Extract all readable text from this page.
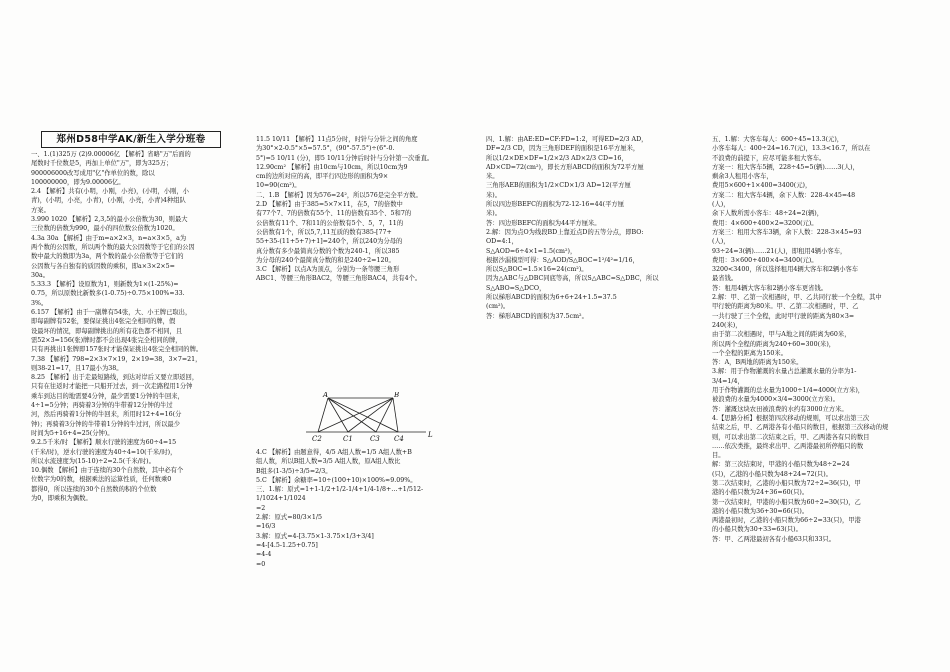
郑州D58中学AK/新生入学分班卷

一、1.(1)325万 (2)9.00006亿 【解析】省略"万"后面的

尾数时千位数是5，再加上单位"万"，即为325万；

900006000改写成用"亿"作单位的数，除以

100000000，即为9.00006亿。

2.4 【解析】共有(小明，小刚，小亮)，(小明，小刚，小

青)，(小明，小亮，小青)，(小刚，小亮，小青)4种组队

方案。

3.990 1020 【解析】2,3,5的最小公倍数为30，则最大

三位数的倍数为990，最小的四位数公倍数为1020。

4.3a 30a 【解析】由于m=a×2×3，n=a×3×5，a为

两个数的公因数，所以两个数的最大公因数等于它们的公因

数中最大的数即为3a，两个数的最小公倍数等于它们的

公因数与各自独有的质因数的乘积，即a×3×2×5=

30a。

5.33.3 【解析】设原数为1，则新数为1×(1-25%)=

0.75，所以原数比新数多(1-0.75)÷0.75×100%≈33.

3%。

6.157 【解析】由于一副牌有54张，大、小王牌已取出，

即每副牌有52张，要保证挑出4张完全相同的牌，假

设最坏的情况，即每副牌挑出的所有花色都不相同，且

需52×3=156(张)牌时都不会出现4张完全相同的牌，

只有再挑出1张牌即157张时才能保证挑出4张完全相同的牌。

7.38 【解析】798=2×3×7×19，2×19=38，3×7=21，

则38-21=17，且17最小为38。

8.25 【解析】出于走最短路线，到达对岸后又要立即返回，

只有在往返时才能把一只船开过去，到一次走路程用1分钟

乘车到达目的地需要4分钟，最少需要1分钟的牛回来，

4÷1=5分钟；再骑着3分钟的牛带着12分钟的牛过

河，然后再骑着1分钟的牛回来，所用时12+4=16(分

钟)；再骑着3分钟的牛带着1分钟的牛过河，所以最少

时间为5+16+4=25(分钟)。

9.2.5千米/时 【解析】顺水行驶的速度为60÷4=15

(千米/时)，逆水行驶的速度为40÷4=10(千米/时)，

所以水流速度为(15-10)÷2=2.5(千米/时)。

10.偶数 【解析】由于连续的30个自然数，其中必有个

位数字为0的数，根据乘法的运算性质，任何数乘0

都得0，所以连续的30个自然数的积的个位数

为0，即乘积为偶数。

11.5 10/11 【解析】11点5分时，时针与分针之间的角度

为30°×2-0.5°×5=57.5°，(90°-57.5°)÷(6°-0.

5°)=5 10/11 (分)，即5 10/11分钟后时针与分针第一次垂直。

12.90cm² 【解析】由10cm与10cm，所以10cm为9

cm的边所对应的高，即平行四边形的面积为9×

10=90(cm²)。

二、1.B 【解析】因为576=24²，所以576是完全平方数。

2.D 【解析】由于385=5×7×11，在5，7的倍数中

有77个7、7的倍数有55个、11的倍数有35个、5和7的

公倍数有11个、7和11的公倍数有5个、5，7，11的

公倍数有1个，所以5,7,11互质的数有385-[77+

55+35-(11+5+7)+1]=240个，所以240为分母的

真分数有多少最简真分数的个数为240-1，所以385

为分母的240个最简真分数的和是240÷2=120。

3.C 【解析】以点A为顶点，分别为一条等腰三角形

ABC1、等腰三角形BAC2，等腰三角形BAC4，共有4个。

A	B
C1
C2	C3 C4	L

4.C 【解析】由题意得，4/5 A组人数=1/5 A组人数+B

组人数，所以B组人数=3/5 A组人数，原A组人数比

B组多(1-3/5)÷3/5=2/3。

5.C 【解析】余糖率=10÷(100+10)×100%≈9.09%。

三、1.解：原式=1+1-1/2+1/2-1/4+1/4-1/8+…+1/512-

1/1024+1/1024

=2

2.解：原式=80/3×1/5

=16/3

3.解：原式=4-[3.75×1-3.75×1/3+3/4]

=4-[4.5-1.25+0.75]

=4-4

=0

四、1.解：由AE:ED=CF:FD=1:2，可得ED=2/3 AD，

DF=2/3 CD，因为三角形DEF的面积是16平方厘米，

所以1/2×DE×DF=1/2×2/3 AD×2/3 CD=16，

AD×CD=72(cm²)，即长方形ABCD的面积为72平方厘

米。

三角形AEB的面积为1/2×CD×1/3 AD=12(平方厘

米)。

所以四边形BEFC的面积为72-12-16=44(平方厘

米)。

答：四边形BEFC的面积为44平方厘米。

2.解：因为点O为线段BD上靠近点D的五等分点，即BO:

OD=4:1，

S△AOD=6÷4×1=1.5(cm²)，

根据沙漏模型可得：S△AOD/S△BOC=1²/4²=1/16，

所以S△BOC=1.5×16=24(cm²)。

因为△ABC与△DBC同底等高，所以S△ABC=S△DBC，所以

S△ABO=S△DCO，

所以梯形ABCD的面积为6+6+24+1.5=37.5

(cm²)。

答：梯形ABCD的面积为37.5cm²。

五、1.解：大客车每人：600÷45≈13.3(元)，

小客车每人：400÷24=16.7(元)，13.3<16.7，所以在

不浪费的前提下，应尽可能多租大客车。

方案一：租大客车5辆，228÷45=5(辆)……3(人)，

剩余3人租用小客车，

费用5×600+1×400=3400(元)，

方案二：租大客车4辆，余下人数：228-4×45=48

(人)，

余下人数所需小客车：48÷24=2(辆)，

费用：4×600+400×2=3200(元)。

方案三：租用大客车3辆，余下人数：228-3×45=93

(人)，

93÷24=3(辆)……21(人)，即租用4辆小客车，

费用：3×600+400×4=3400(元)。

3200<3400，所以选择租用4辆大客车和2辆小客车

最省钱。

答：租用4辆大客车和2辆小客车更省钱。

2.解：甲、乙第一次相遇时，甲、乙共同行驶一个全程，其中

甲行驶的距离为80米。甲、乙第二次相遇时，甲、乙

一共行驶了三个全程，此时甲行驶的距离为80×3=

240(米)，

由于第二次相遇时，甲与A地之间的距离为60米，

所以两个全程的距离为240+60=300(米)，

一个全程的距离为150米。

答：A，B两地的距离为150米。

3.解：用于作物灌溉的水量占总灌溉水量的分率为1-

3/4=1/4，

用于作物灌溉的总水量为1000÷1/4=4000(立方米)，

被浪费的水量为4000×3/4=3000(立方米)。

答：灌溉这块农田被浪费的水约有3000立方米。

4.【思路分析】根据第四次移动的规则，可以求出第三次

结束之后，甲、乙两港各有小船只的数目，根据第三次移动的规

则，可以求出第二次结束之后，甲、乙两港各有只的数目

……依次类推，最终求出甲、乙两港最初所停船只的数

目。

解：第三次结束时，甲港的小船只数为48÷2=24

(只)，乙港的小船只数为48+24=72(只)。

第二次结束时，乙港的小船只数为72÷2=36(只)，甲

港的小船只数为24+36=60(只)。

第一次结束时，甲港的小船只数为60÷2=30(只)，乙

港的小船只数为36+30=66(只)。

两港最初时，乙港的小船只数为66÷2=33(只)，甲港

的小船只数为30+33=63(只)。

答：甲、乙两港最初各有小船63只和33只。
